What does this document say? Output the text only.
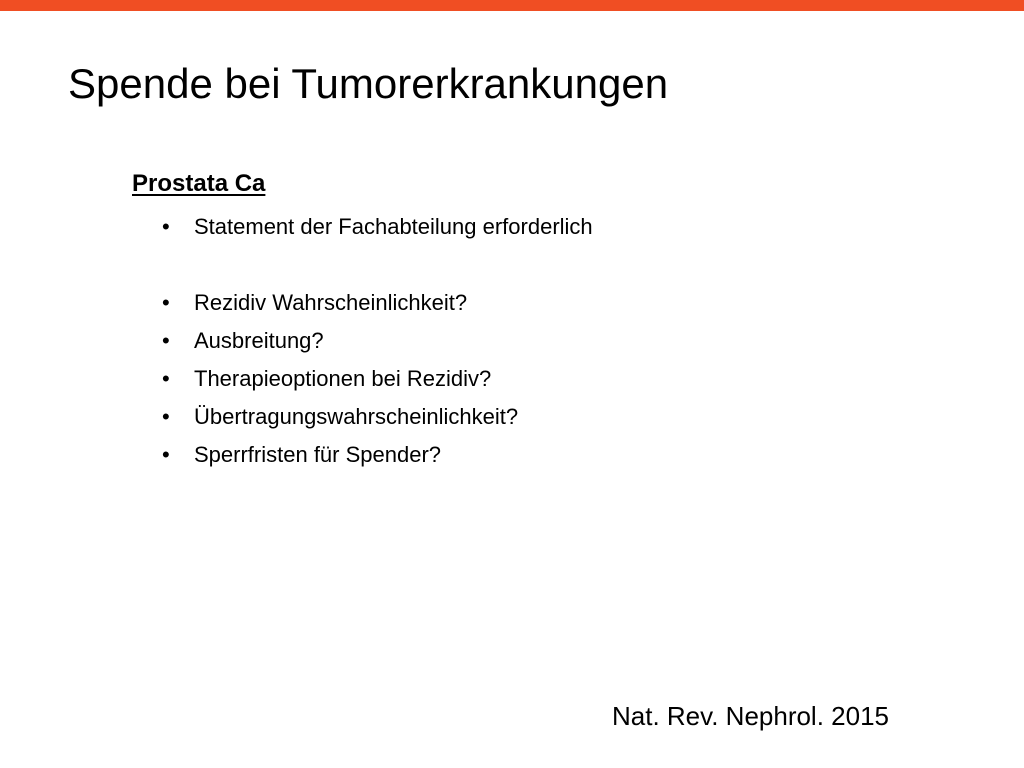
Spende bei Tumorerkrankungen
Prostata Ca
• Statement der Fachabteilung erforderlich
• Rezidiv Wahrscheinlichkeit?
• Ausbreitung?
• Therapieoptionen bei Rezidiv?
• Übertragungswahrscheinlichkeit?
• Sperrfristen für Spender?

Nat. Rev. Nephrol. 2015
